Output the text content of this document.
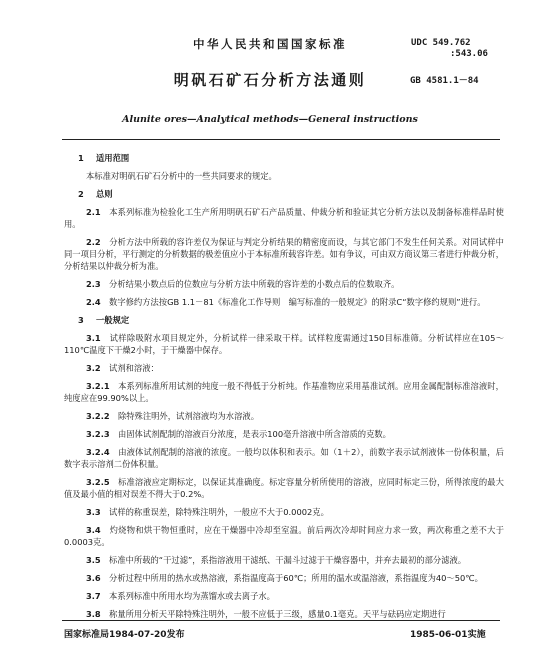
中华人民共和国国家标准	UDC 549.762
:543.06
明矾石矿石分析方法通则	GB 4581.1－84
Alunite ores—Analytical methods—General instructions
1 适用范围
本标准对明矾石矿石分析中的一些共同要求的规定。
2 总则
2.1　 本系列标准为检验化工生产所用明矾石矿石产品质量、仲裁分析和验证其它分析方法以及制备标准样品时使用。
2.2　 分析方法中所载的容许差仅为保证与判定分析结果的精密度而设，与其它部门不发生任何关系。对同试样中同一项目分析，平行测定的分析数据的极差值应小于本标准所载容许差。如有争议，可由双方商议第三者进行仲裁分析，分析结果以仲裁分析为准。
2.3　 分析结果小数点后的位数应与分析方法中所载的容许差的小数点后的位数取齐。
2.4　 数字修约方法按GB 1.1－81《标准化工作导则　编写标准的一般规定》的附录C“数字修约规则”进行。
3 一般规定
3.1　 试样除吸附水项目规定外，分析试样一律采取干样。试样粒度需通过150目标准筛。分析试样应在105～110℃温度下干燥2小时，于干燥器中保存。
3.2　 试剂和溶液：
3.2.1　 本系列标准所用试剂的纯度一般不得低于分析纯。作基准物应采用基准试剂。应用金属配制标准溶液时，纯度应在99.90%以上。
3.2.2　 除特殊注明外，试剂溶液均为水溶液。
3.2.3　 由固体试剂配制的溶液百分浓度，是表示100毫升溶液中所含溶质的克数。
3.2.4　 由液体试剂配制的溶液的浓度。一般均以体积和表示。如（1＋2），前数字表示试剂液体一份体积量，后数字表示溶剂二份体积量。
3.2.5　 标准溶液应定期标定，以保证其准确度。标定容量分析所使用的溶液，应同时标定三份，所得浓度的最大值及最小值的相对误差不得大于0.2%。
3.3　 试样的称重误差，除特殊注明外，一般应不大于0.0002克。
3.4　 灼烧物和烘干物恒重时，应在干燥器中冷却至室温。前后两次冷却时间应力求一致，两次称重之差不大于0.0003克。
3.5　 标准中所载的“干过滤”，系指溶液用干滤纸、干漏斗过滤于干燥容器中，并弃去最初的部分滤液。
3.6　 分析过程中所用的热水或热溶液，系指温度高于60℃；所用的温水或温溶液，系指温度为40～50℃。
3.7　 本系列标准中所用水均为蒸馏水或去离子水。
3.8　 称量所用分析天平除特殊注明外，一般不应低于三级，感量0.1毫克。天平与砝码应定期进行
国家标准局1984-07-20发布	1985-06-01实施
